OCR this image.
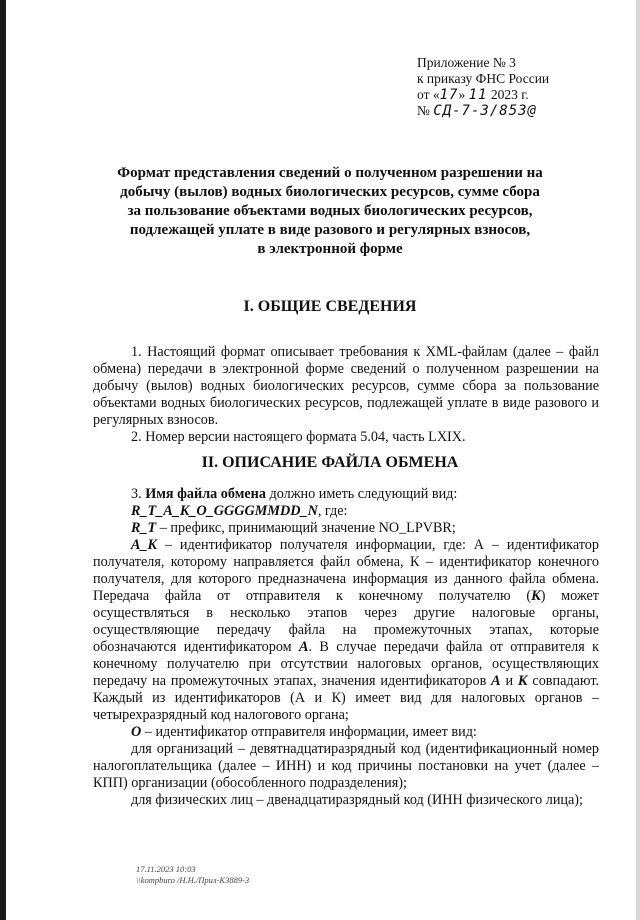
Приложение № 3
к приказу ФНС России
от «17» 11 2023 г.
№ СД-7-3/853@
Формат представления сведений о полученном разрешении на
добычу (вылов) водных биологических ресурсов, сумме сбора
за пользование объектами водных биологических ресурсов,
подлежащей уплате в виде разового и регулярных взносов,
в электронной форме
I. ОБЩИЕ СВЕДЕНИЯ

1. Настоящий формат описывает требования к XML-файлам (далее – файл обмена) передачи в электронной форме сведений о полученном разрешении на добычу (вылов) водных биологических ресурсов, сумме сбора за пользование объектами водных биологических ресурсов, подлежащей уплате в виде разового и регулярных взносов.

2. Номер версии настоящего формата 5.04, часть LXIX.

II. ОПИСАНИЕ ФАЙЛА ОБМЕНА

3. Имя файла обмена должно иметь следующий вид:

R_T_A_K_O_GGGGMMDD_N, где:

R_T – префикс, принимающий значение NO_LPVBR;

A_K – идентификатор получателя информации, где: А – идентификатор получателя, которому направляется файл обмена, К – идентификатор конечного получателя, для которого предназначена информация из данного файла обмена. Передача файла от отправителя к конечному получателю (К) может осуществляться в несколько этапов через другие налоговые органы, осуществляющие передачу файла на промежуточных этапах, которые обозначаются идентификатором А. В случае передачи файла от отправителя к конечному получателю при отсутствии налоговых органов, осуществляющих передачу на промежуточных этапах, значения идентификаторов А и К совпадают. Каждый из идентификаторов (А и К) имеет вид для налоговых органов – четырехразрядный код налогового органа;

O – идентификатор отправителя информации, имеет вид:

для организаций – девятнадцатиразрядный код (идентификационный номер налогоплательщика (далее – ИНН) и код причины постановки на учет (далее – КПП) организации (обособленного подразделения);

для физических лиц – двенадцатиразрядный код (ИНН физического лица);

17.11.2023 10:03
\\kompburo /Н.Н./Прил-К3889-3
